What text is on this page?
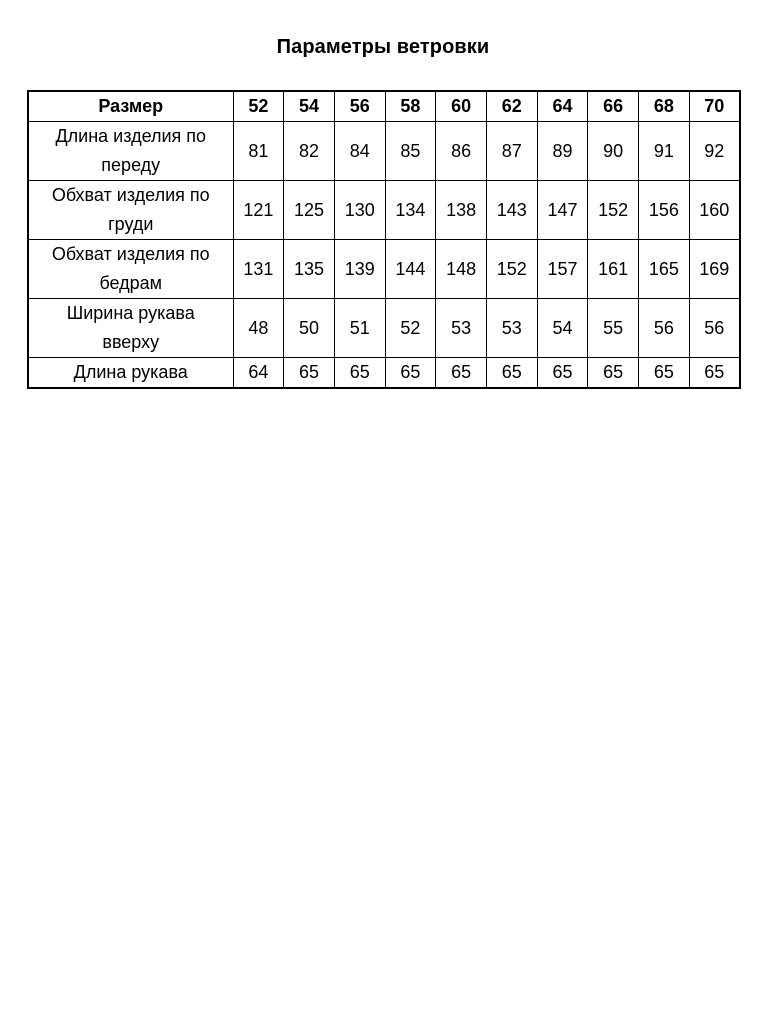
Параметры ветровки
Размер	52	54	56	58	60	62	64	66	68	70

Длина изделия по
переду	81	82	84	85	86	87	89	90	91	92

Обхват изделия по
груди	121	125	130	134	138	143	147	152	156	160

Обхват изделия по
бедрам	131	135	139	144	148	152	157	161	165	169

Ширина рукава
вверху	48	50	51	52	53	53	54	55	56	56
Длина рукава	64	65	65	65	65	65	65	65	65	65
